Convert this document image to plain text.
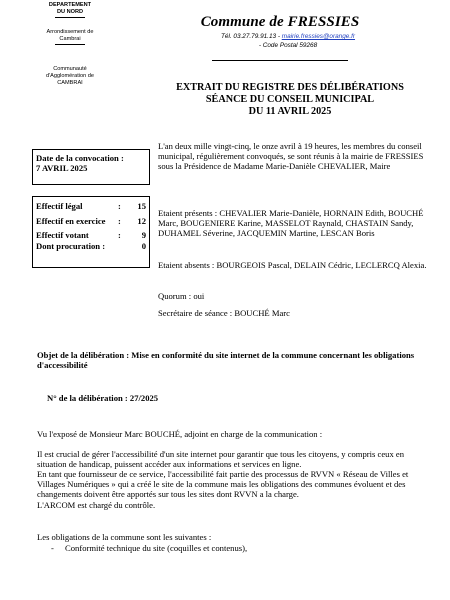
DEPARTEMENT
DU NORD
Arrondissement de
Cambrai
Communauté
d'Agglomération de
CAMBRAI
Commune de FRESSIES
Tél. 03.27.79.91.13 - mairie.fressies@orange.fr
- Code Postal 59268
EXTRAIT DU REGISTRE DES DÉLIBÉRATIONS
SÉANCE DU CONSEIL MUNICIPAL
DU 11 AVRIL 2025
Date de la convocation :
7 AVRIL 2025
Effectif légal	:	15
Effectif en exercice	:	12
Effectif votant	:	9
Dont procuration :	0
L'an deux mille vingt-cinq, le onze avril à 19 heures, les membres du conseil municipal, régulièrement convoqués, se sont réunis à la mairie de FRESSIES sous la Présidence de Madame Marie-Danièle CHEVALIER, Maire
Etaient présents : CHEVALIER Marie-Danièle, HORNAIN Edith, BOUCHÉ Marc, BOUGENIERE Karine, MASSELOT Raynald, CHASTAIN Sandy, DUHAMEL Séverine, JACQUEMIN Martine, LESCAN Boris
Etaient absents : BOURGEOIS Pascal, DELAIN Cédric, LECLERCQ Alexia.
Quorum : oui
Secrétaire de séance : BOUCHÉ Marc
Objet de la délibération : Mise en conformité du site internet de la commune concernant les obligations d'accessibilité
N° de la délibération : 27/2025
Vu l'exposé de Monsieur Marc BOUCHÉ, adjoint en charge de la communication :
Il est crucial de gérer l'accessibilité d'un site internet pour garantir que tous les citoyens, y compris ceux en situation de handicap, puissent accéder aux informations et services en ligne.
En tant que fournisseur de ce service, l'accessibilité fait partie des processus de RVVN « Réseau de Villes et Villages Numériques » qui a créé le site de la commune mais les obligations des communes évoluent et des changements doivent être apportés sur tous les sites dont RVVN a la charge.
L'ARCOM est chargé du contrôle.
Les obligations de la commune sont les suivantes :
-	Conformité technique du site (coquilles et contenus),
